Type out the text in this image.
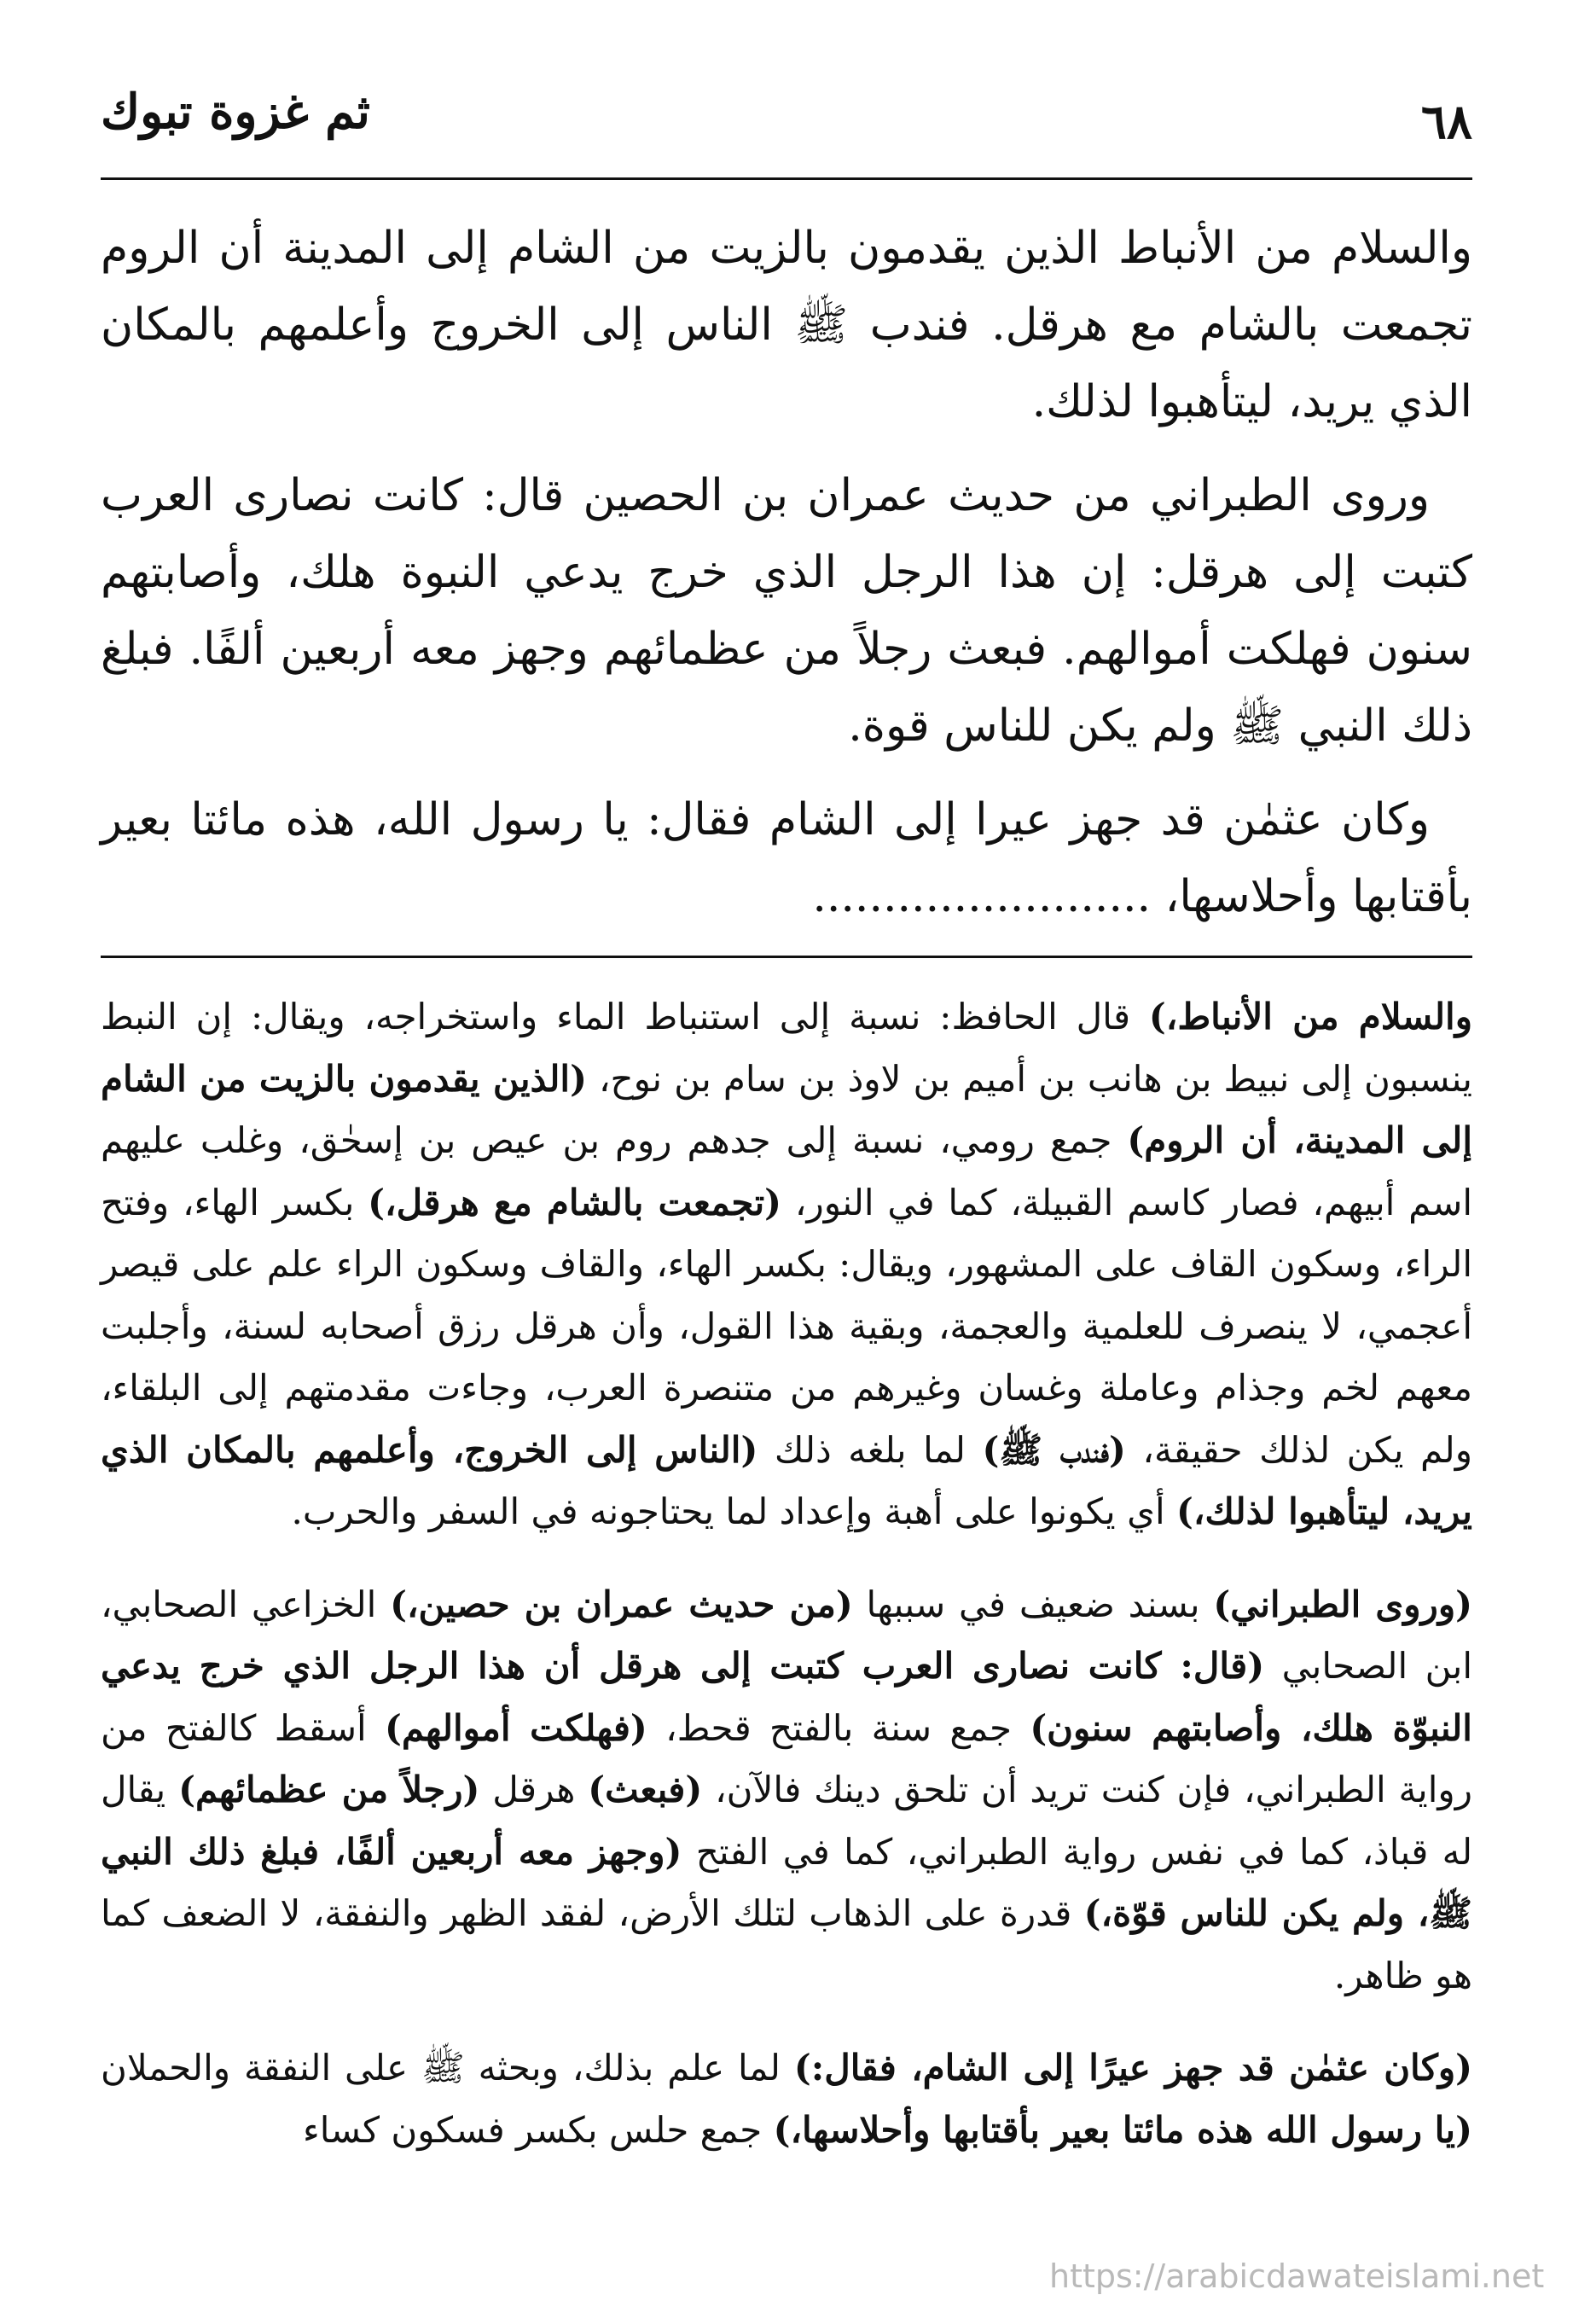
٦٨
ثم غزوة تبوك

والسلام من الأنباط الذين يقدمون بالزيت من الشام إلى المدينة أن الروم تجمعت بالشام مع هرقل. فندب ﷺ الناس إلى الخروج وأعلمهم بالمكان الذي يريد، ليتأهبوا لذلك.

وروى الطبراني من حديث عمران بن الحصين قال: كانت نصارى العرب كتبت إلى هرقل: إن هذا الرجل الذي خرج يدعي النبوة هلك، وأصابتهم سنون فهلكت أموالهم. فبعث رجلاً من عظمائهم وجهز معه أربعين ألفًا. فبلغ ذلك النبي ﷺ ولم يكن للناس قوة.

وكان عثمٰن قد جهز عيرا إلى الشام فقال: يا رسول الله، هذه مائتا بعير بأقتابها وأحلاسها، ........................

والسلام من الأنباط،) قال الحافظ: نسبة إلى استنباط الماء واستخراجه، ويقال: إن النبط ينسبون إلى نبيط بن هانب بن أميم بن لاوذ بن سام بن نوح، (الذين يقدمون بالزيت من الشام إلى المدينة، أن الروم) جمع رومي، نسبة إلى جدهم روم بن عيص بن إسحٰق، وغلب عليهم اسم أبيهم، فصار كاسم القبيلة، كما في النور، (تجمعت بالشام مع هرقل،) بكسر الهاء، وفتح الراء، وسكون القاف على المشهور، ويقال: بكسر الهاء، والقاف وسكون الراء علم على قيصر أعجمي، لا ينصرف للعلمية والعجمة، وبقية هذا القول، وأن هرقل رزق أصحابه لسنة، وأجلبت معهم لخم وجذام وعاملة وغسان وغيرهم من متنصرة العرب، وجاءت مقدمتهم إلى البلقاء، ولم يكن لذلك حقيقة، (فندب ﷺ) لما بلغه ذلك (الناس إلى الخروج، وأعلمهم بالمكان الذي يريد، ليتأهبوا لذلك،) أي يكونوا على أهبة وإعداد لما يحتاجونه في السفر والحرب.

(وروى الطبراني) بسند ضعيف في سببها (من حديث عمران بن حصين،) الخزاعي الصحابي، ابن الصحابي (قال: كانت نصارى العرب كتبت إلى هرقل أن هذا الرجل الذي خرج يدعي النبوّة هلك، وأصابتهم سنون) جمع سنة بالفتح قحط، (فهلكت أموالهم) أسقط كالفتح من رواية الطبراني، فإن كنت تريد أن تلحق دينك فالآن، (فبعث) هرقل (رجلاً من عظمائهم) يقال له قباذ، كما في نفس رواية الطبراني، كما في الفتح (وجهز معه أربعين ألفًا، فبلغ ذلك النبي ﷺ، ولم يكن للناس قوّة،) قدرة على الذهاب لتلك الأرض، لفقد الظهر والنفقة، لا الضعف كما هو ظاهر.

(وكان عثمٰن قد جهز عيرًا إلى الشام، فقال:) لما علم بذلك، وبحثه ﷺ على النفقة والحملان (يا رسول الله هذه مائتا بعير بأقتابها وأحلاسها،) جمع حلس بكسر فسكون كساء

https://arabicdawateislami.net
